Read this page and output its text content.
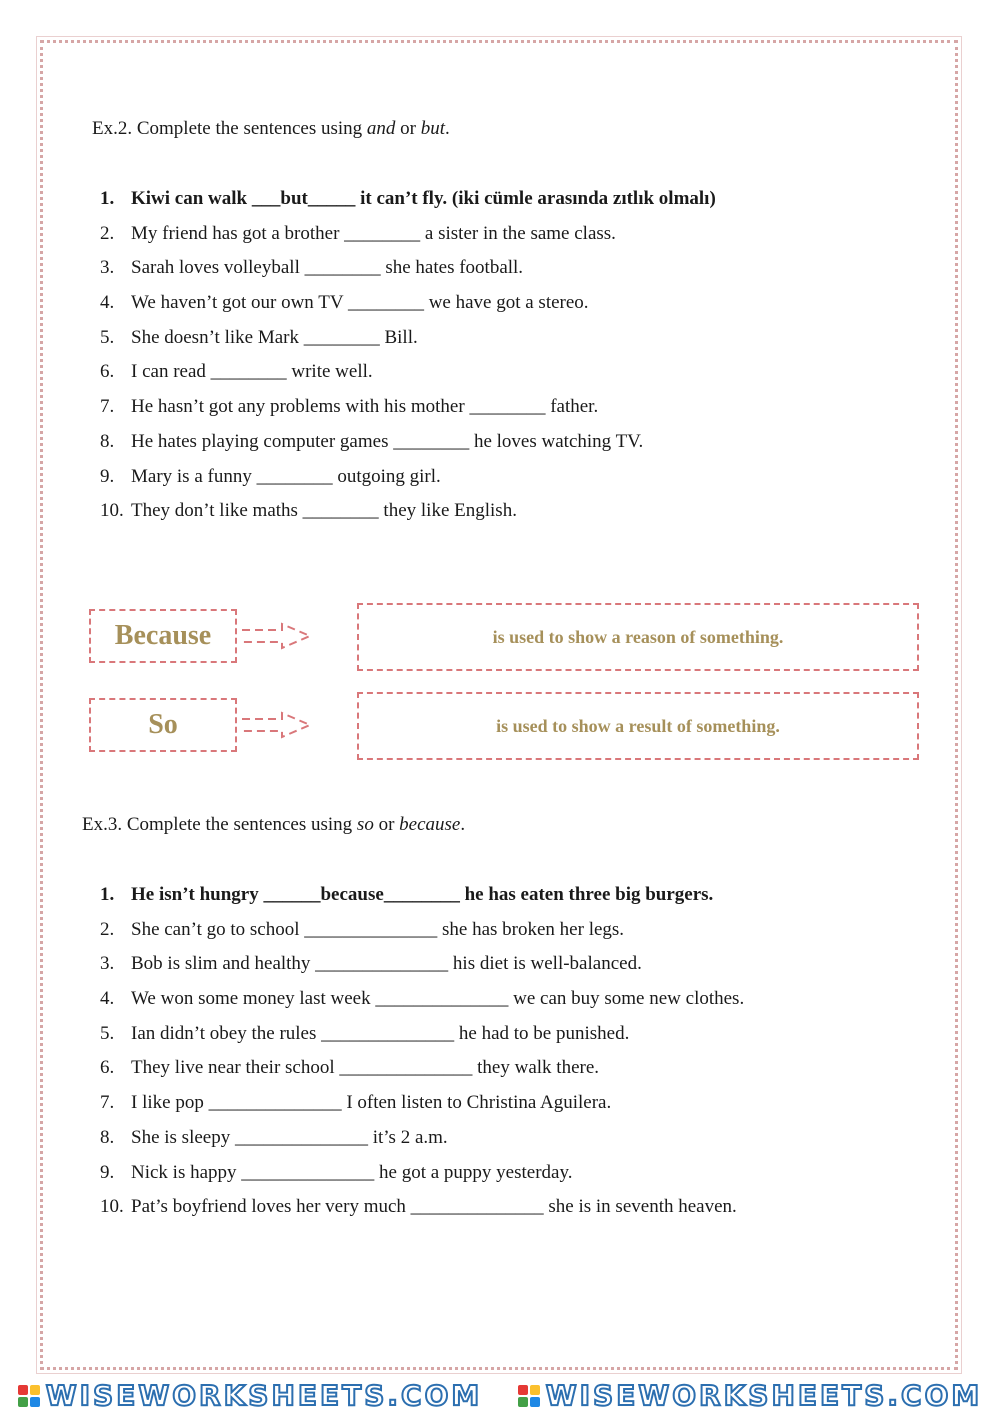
Ex.2. Complete the sentences using and or but.
1. Kiwi can walk ___but_____ it can’t fly. (iki cümle arasında zıtlık olmalı)
2. My friend has got a brother ________ a sister in the same class.
3. Sarah loves volleyball ________ she hates football.
4. We haven’t got our own TV ________ we have got a stereo.
5. She doesn’t like Mark ________ Bill.
6. I can read ________ write well.
7. He hasn’t got any problems with his mother ________ father.
8. He hates playing computer games ________ he loves watching TV.
9. Mary is a funny ________ outgoing girl.
10. They don’t like maths ________ they like English.
Because	is used to show a reason of something.
So	is used to show a result of something.
Ex.3. Complete the sentences using so or because.
1. He isn’t hungry ______because________ he has eaten three big burgers.
2. She can’t go to school ______________ she has broken her legs.
3. Bob is slim and healthy ______________ his diet is well-balanced.
4. We won some money last week ______________ we can buy some new clothes.
5. Ian didn’t obey the rules ______________ he had to be punished.
6. They live near their school ______________ they walk there.
7. I like pop ______________ I often listen to Christina Aguilera.
8. She is sleepy ______________ it’s 2 a.m.
9. Nick is happy ______________ he got a puppy yesterday.
10. Pat’s boyfriend loves her very much ______________ she is in seventh heaven.
WISEWORKSHEETS.COM WISEWORKSHEETS.COM
